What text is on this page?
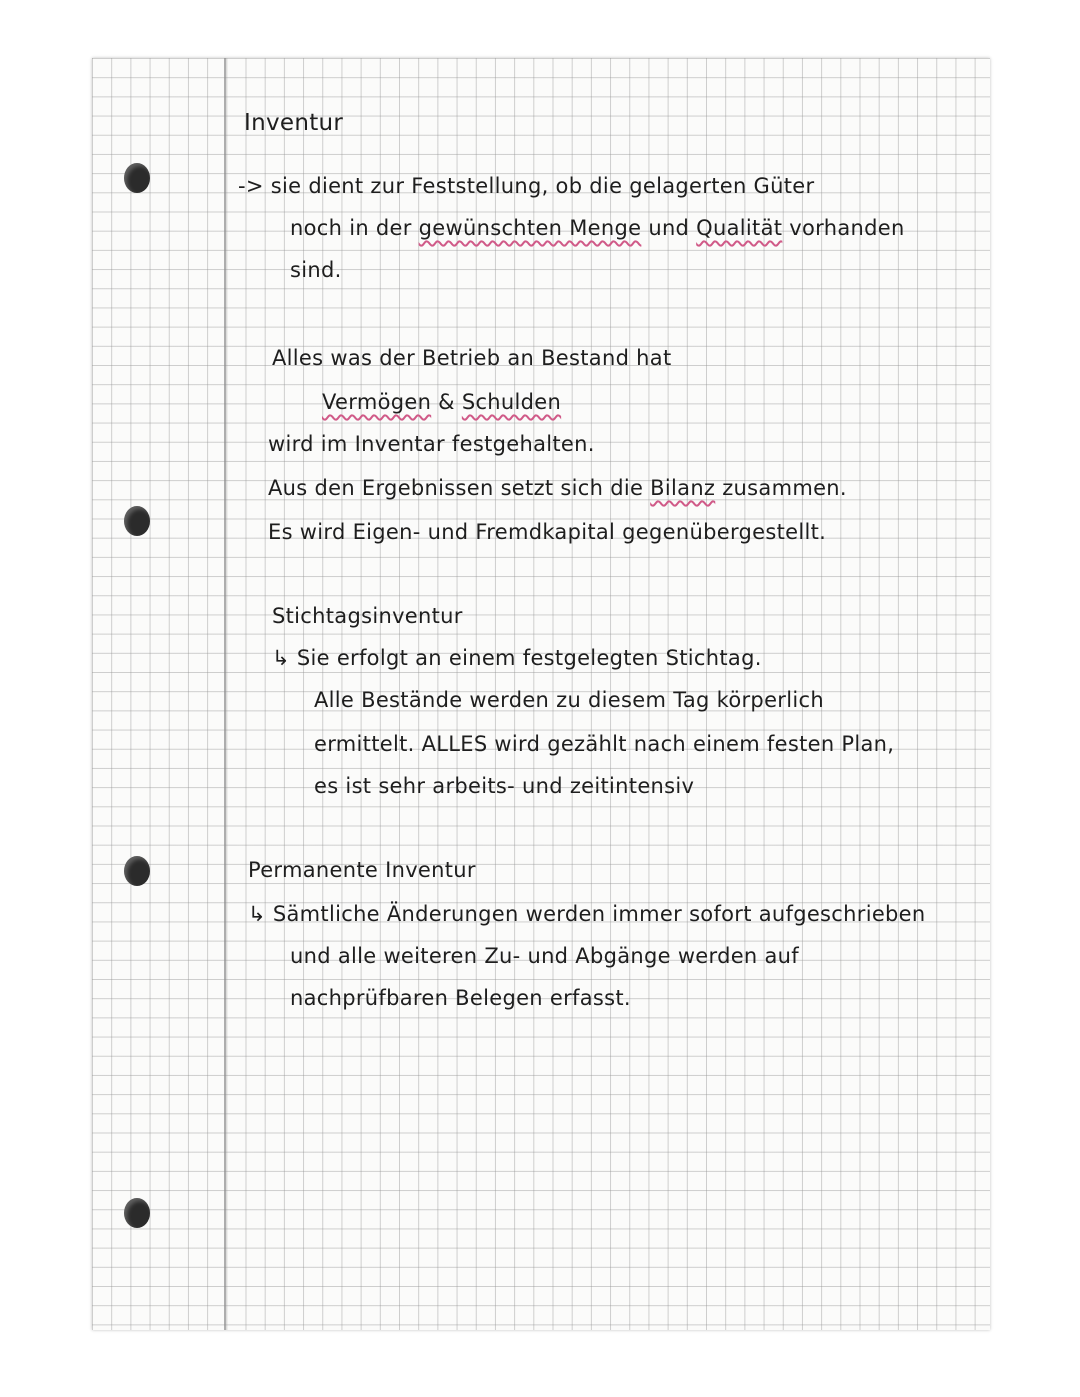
Inventur
-> sie dient zur Feststellung, ob die gelagerten Güter
noch in der gewünschten Menge und Qualität vorhanden
sind.
Alles was der Betrieb an Bestand hat
Vermögen & Schulden
wird im Inventar festgehalten.
Aus den Ergebnissen setzt sich die Bilanz zusammen.
Es wird Eigen- und Fremdkapital gegenübergestellt.
Stichtagsinventur
↳ Sie erfolgt an einem festgelegten Stichtag.
Alle Bestände werden zu diesem Tag körperlich
ermittelt. ALLES wird gezählt nach einem festen Plan,
es ist sehr arbeits- und zeitintensiv
Permanente Inventur
↳ Sämtliche Änderungen werden immer sofort aufgeschrieben
und alle weiteren Zu- und Abgänge werden auf
nachprüfbaren Belegen erfasst.
